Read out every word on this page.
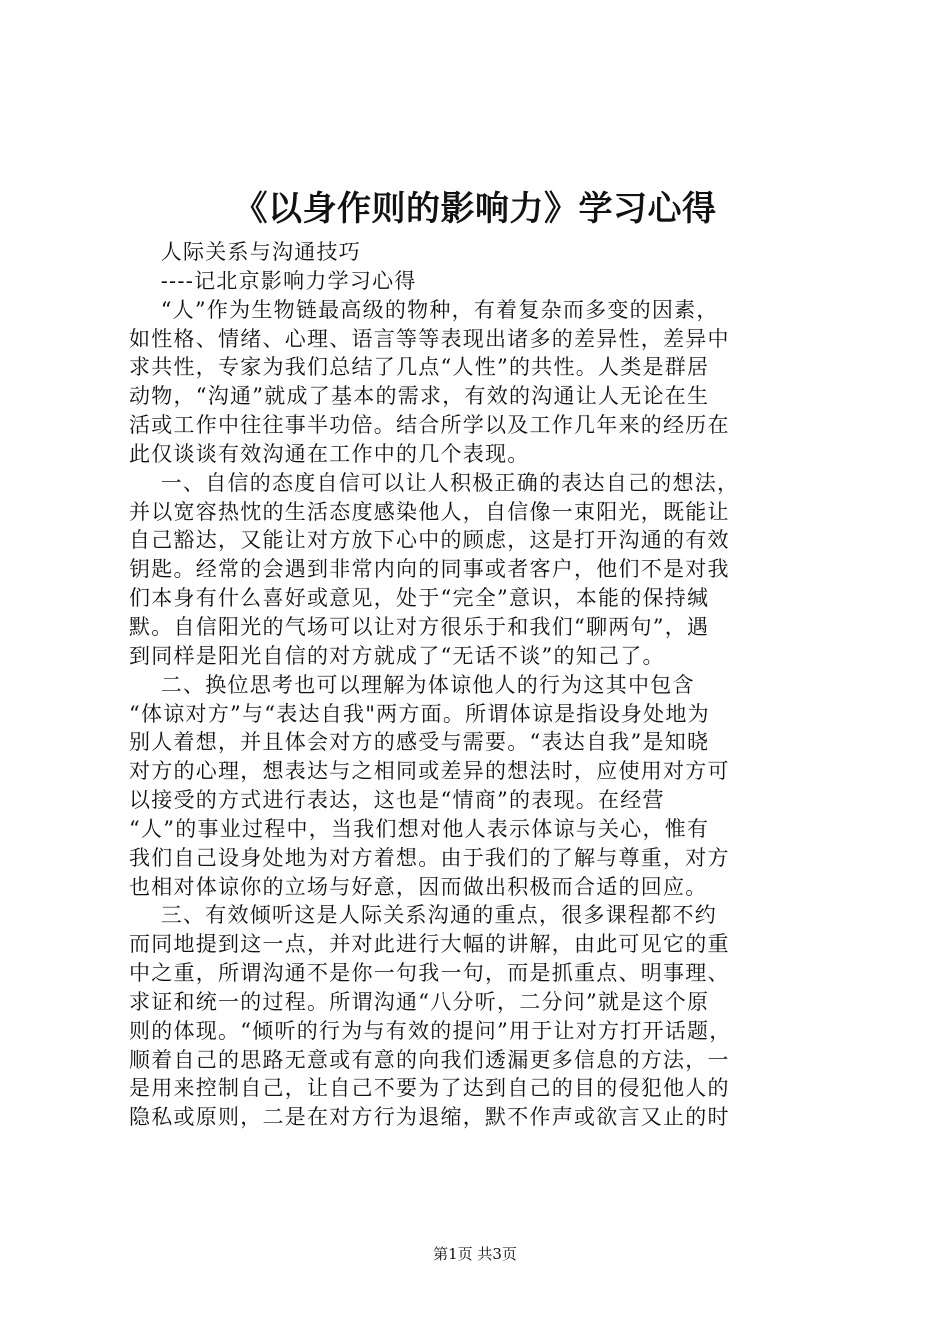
《以身作则的影响力》学习心得
人际关系与沟通技巧
----记北京影响力学习心得
“人”作为生物链最高级的物种，有着复杂而多变的因素，
如性格、情绪、心理、语言等等表现出诸多的差异性，差异中
求共性，专家为我们总结了几点“人性”的共性。人类是群居
动物，“沟通”就成了基本的需求，有效的沟通让人无论在生
活或工作中往往事半功倍。结合所学以及工作几年来的经历在
此仅谈谈有效沟通在工作中的几个表现。
一、自信的态度自信可以让人积极正确的表达自己的想法，
并以宽容热忱的生活态度感染他人，自信像一束阳光，既能让
自己豁达，又能让对方放下心中的顾虑，这是打开沟通的有效
钥匙。经常的会遇到非常内向的同事或者客户，他们不是对我
们本身有什么喜好或意见，处于“完全”意识，本能的保持缄
默。自信阳光的气场可以让对方很乐于和我们“聊两句”，遇
到同样是阳光自信的对方就成了“无话不谈”的知己了。
二、换位思考也可以理解为体谅他人的行为这其中包含
“体谅对方”与“表达自我"两方面。所谓体谅是指设身处地为
别人着想，并且体会对方的感受与需要。“表达自我”是知晓
对方的心理，想表达与之相同或差异的想法时，应使用对方可
以接受的方式进行表达，这也是“情商”的表现。在经营
“人”的事业过程中，当我们想对他人表示体谅与关心，惟有
我们自己设身处地为对方着想。由于我们的了解与尊重，对方
也相对体谅你的立场与好意，因而做出积极而合适的回应。
三、有效倾听这是人际关系沟通的重点，很多课程都不约
而同地提到这一点，并对此进行大幅的讲解，由此可见它的重
中之重，所谓沟通不是你一句我一句，而是抓重点、明事理、
求证和统一的过程。所谓沟通“八分听，二分问”就是这个原
则的体现。“倾听的行为与有效的提问”用于让对方打开话题，
顺着自己的思路无意或有意的向我们透漏更多信息的方法，一
是用来控制自己，让自己不要为了达到自己的目的侵犯他人的
隐私或原则，二是在对方行为退缩，默不作声或欲言又止的时
第1页 共3页
